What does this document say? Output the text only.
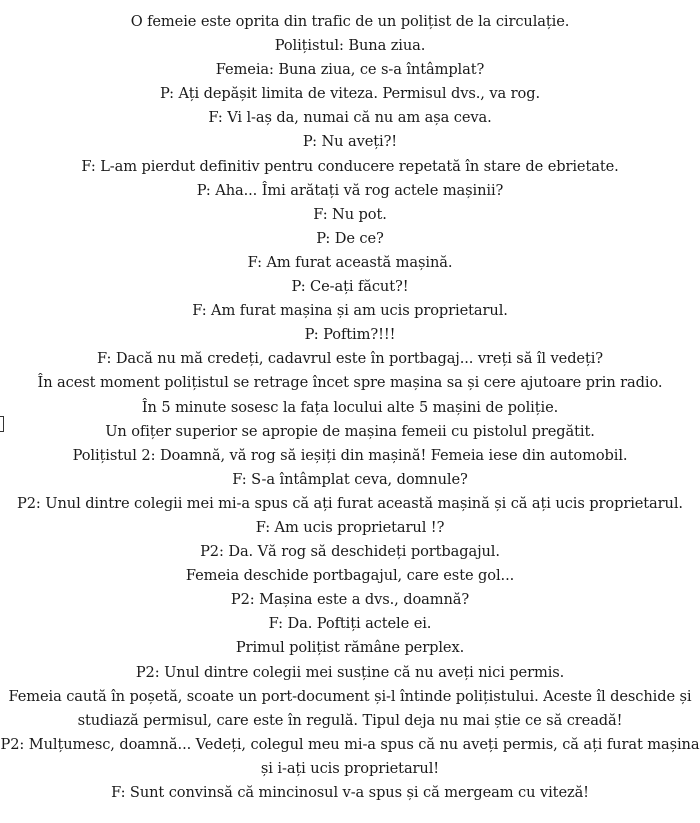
O femeie este oprita din trafic de un polițist de la circulație.

Polițistul: Buna ziua.

Femeia: Buna ziua, ce s-a întâmplat?

P: Ați depășit limita de viteza. Permisul dvs., va rog.

F: Vi l-aș da, numai că nu am așa ceva.

P: Nu aveți?!

F: L-am pierdut definitiv pentru conducere repetată în stare de ebrietate.

P: Aha... Îmi arătați vă rog actele mașinii?

F: Nu pot.

P: De ce?

F: Am furat această mașină.

P: Ce-ați făcut?!

F: Am furat mașina și am ucis proprietarul.

P: Poftim?!!!

F: Dacă nu mă credeți, cadavrul este în portbagaj... vreți să îl vedeți?

În acest moment polițistul se retrage încet spre mașina sa și cere ajutoare prin radio.

În 5 minute sosesc la fața locului alte 5 mașini de poliție.

Un ofițer superior se apropie de mașina femeii cu pistolul pregătit.

Polițistul 2: Doamnă, vă rog să ieșiți din mașină! Femeia iese din automobil.

F: S-a întâmplat ceva, domnule?

P2: Unul dintre colegii mei mi-a spus că ați furat această mașină și că ați ucis proprietarul.

F: Am ucis proprietarul !?

P2: Da. Vă rog să deschideți portbagajul.

Femeia deschide portbagajul, care este gol...

P2: Mașina este a dvs., doamnă?

F: Da. Poftiți actele ei.

Primul polițist rămâne perplex.

P2: Unul dintre colegii mei susține că nu aveți nici permis.

Femeia caută în poșetă, scoate un port-document și-l întinde polițistului. Aceste îl deschide și studiază permisul, care este în regulă. Tipul deja nu mai știe ce să creadă!

P2: Mulțumesc, doamnă... Vedeți, colegul meu mi-a spus că nu aveți permis, că ați furat mașina și i-ați ucis proprietarul!

F: Sunt convinsă că mincinosul v-a spus și că mergeam cu viteză!
